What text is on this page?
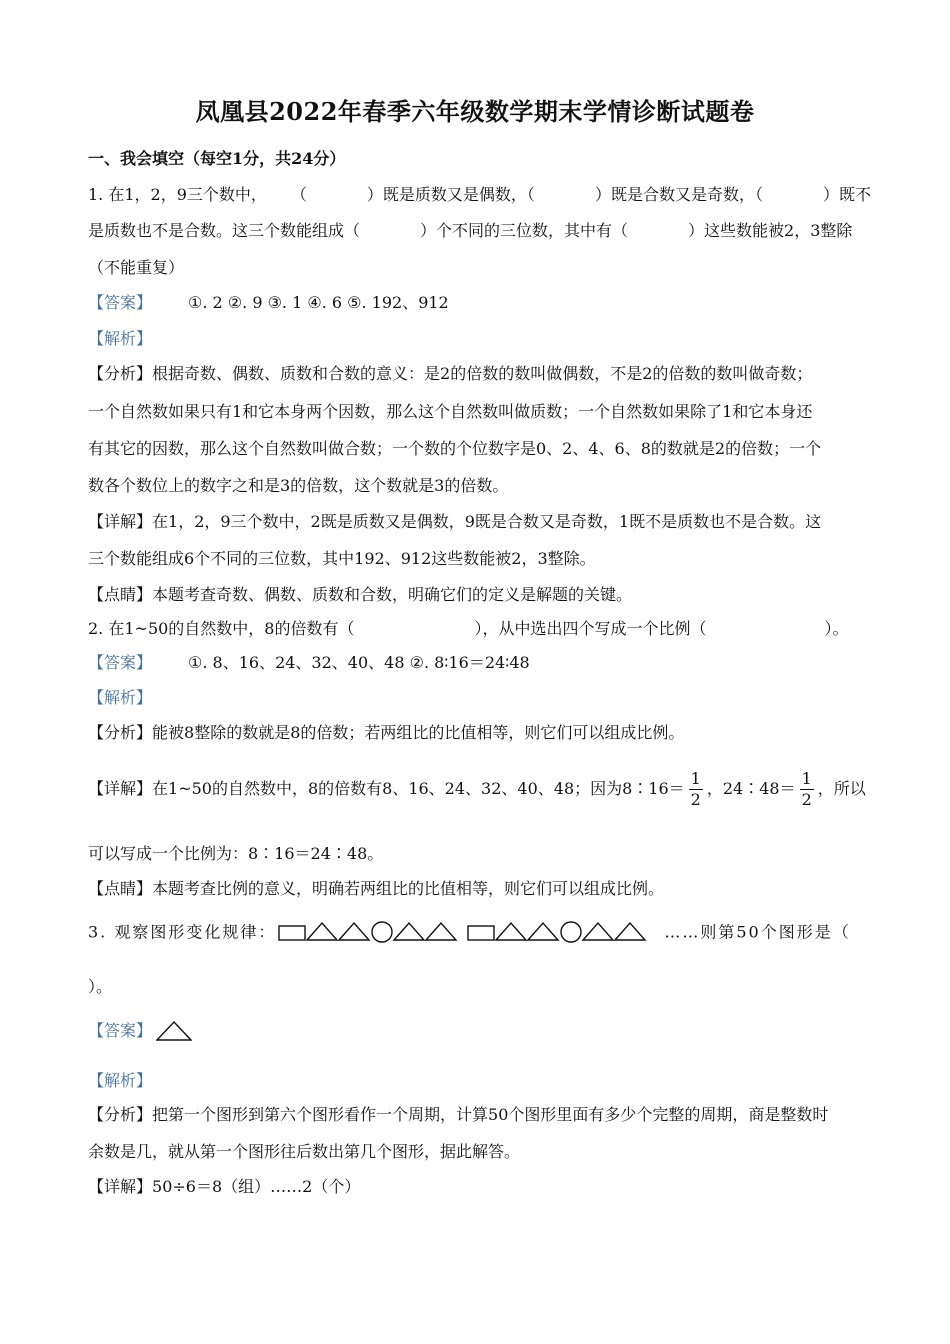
凤凰县2022年春季六年级数学期末学情诊断试题卷
一、我会填空（每空1分，共24分）
1. 在1，2，9三个数中， （	）既是质数又是偶数，（	）既是合数又是奇数，（	）既不
是质数也不是合数。这三个数能组成（	）个不同的三位数，其中有（	）这些数能被2，3整除
（不能重复）
【答案】 ①. 2 ②. 9 ③. 1 ④. 6 ⑤. 192、912
【解析】
【分析】根据奇数、偶数、质数和合数的意义：是2的倍数的数叫做偶数，不是2的倍数的数叫做奇数；
一个自然数如果只有1和它本身两个因数，那么这个自然数叫做质数；一个自然数如果除了1和它本身还
有其它的因数，那么这个自然数叫做合数；一个数的个位数字是0、2、4、6、8的数就是2的倍数；一个
数各个数位上的数字之和是3的倍数，这个数就是3的倍数。
【详解】在1，2，9三个数中，2既是质数又是偶数，9既是合数又是奇数，1既不是质数也不是合数。这
三个数能组成6个不同的三位数，其中192、912这些数能被2，3整除。
【点睛】本题考查奇数、偶数、质数和合数，明确它们的定义是解题的关键。
2. 在1~50的自然数中，8的倍数有（	），从中选出四个写成一个比例（	）。
【答案】 ①. 8、16、24、32、40、48 ②. 8∶16＝24∶48
【解析】
【分析】能被8整除的数就是8的倍数；若两组比的比值相等，则它们可以组成比例。
【详解】在1~50的自然数中，8的倍数有8、16、24、32、40、48；因为8∶16＝ $\frac{1}{2}$ ，24∶48＝ $\frac{1}{2}$ ，所以
可以写成一个比例为：8∶16＝24∶48。
【点睛】本题考查比例的意义，明确若两组比的比值相等，则它们可以组成比例。
3. 观察图形变化规律：	……则第50个图形是（
）。
【答案】
【解析】
【分析】把第一个图形到第六个图形看作一个周期，计算50个图形里面有多少个完整的周期，商是整数时
余数是几，就从第一个图形往后数出第几个图形，据此解答。
【详解】50÷6＝8（组）……2（个）
